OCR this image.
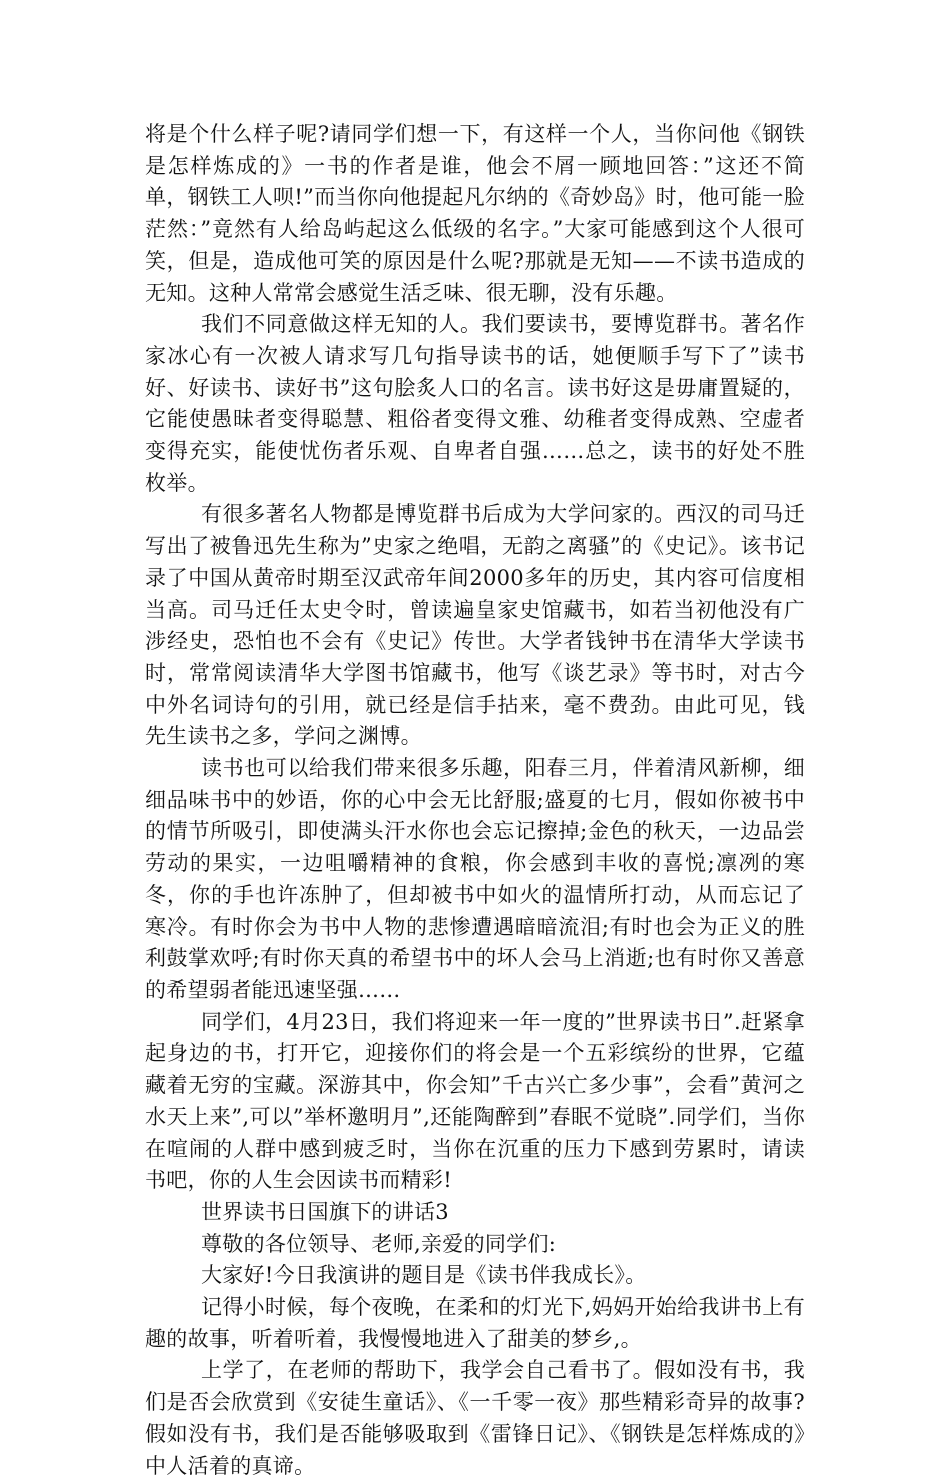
将是个什么样子呢?请同学们想一下，有这样一个人，当你问他《钢铁是怎样炼成的》一书的作者是谁，他会不屑一顾地回答：”这还不简单，钢铁工人呗!”而当你向他提起凡尔纳的《奇妙岛》时，他可能一脸茫然：”竟然有人给岛屿起这么低级的名字。”大家可能感到这个人很可笑，但是，造成他可笑的原因是什么呢?那就是无知——不读书造成的无知。这种人常常会感觉生活乏味、很无聊，没有乐趣。

我们不同意做这样无知的人。我们要读书，要博览群书。著名作家冰心有一次被人请求写几句指导读书的话，她便顺手写下了”读书好、好读书、读好书”这句脍炙人口的名言。读书好这是毋庸置疑的，它能使愚昧者变得聪慧、粗俗者变得文雅、幼稚者变得成熟、空虚者变得充实，能使忧伤者乐观、自卑者自强……总之，读书的好处不胜枚举。

有很多著名人物都是博览群书后成为大学问家的。西汉的司马迁写出了被鲁迅先生称为”史家之绝唱，无韵之离骚”的《史记》。该书记录了中国从黄帝时期至汉武帝年间2000多年的历史，其内容可信度相当高。司马迁任太史令时，曾读遍皇家史馆藏书，如若当初他没有广涉经史，恐怕也不会有《史记》传世。大学者钱钟书在清华大学读书时，常常阅读清华大学图书馆藏书，他写《谈艺录》等书时，对古今中外名词诗句的引用，就已经是信手拈来，毫不费劲。由此可见，钱先生读书之多，学问之渊博。

读书也可以给我们带来很多乐趣，阳春三月，伴着清风新柳，细细品味书中的妙语，你的心中会无比舒服;盛夏的七月，假如你被书中的情节所吸引，即使满头汗水你也会忘记擦掉;金色的秋天，一边品尝劳动的果实，一边咀嚼精神的食粮，你会感到丰收的喜悦;凛冽的寒冬，你的手也许冻肿了，但却被书中如火的温情所打动，从而忘记了寒冷。有时你会为书中人物的悲惨遭遇暗暗流泪;有时也会为正义的胜利鼓掌欢呼;有时你天真的希望书中的坏人会马上消逝;也有时你又善意的希望弱者能迅速坚强……

同学们，4月23日，我们将迎来一年一度的”世界读书日”.赶紧拿起身边的书，打开它，迎接你们的将会是一个五彩缤纷的世界，它蕴藏着无穷的宝藏。深游其中，你会知”千古兴亡多少事”，会看”黄河之水天上来”,可以”举杯邀明月”,还能陶醉到”春眠不觉晓”.同学们，当你在喧闹的人群中感到疲乏时，当你在沉重的压力下感到劳累时，请读书吧，你的人生会因读书而精彩!

世界读书日国旗下的讲话3

尊敬的各位领导、老师,亲爱的同学们:

大家好!今日我演讲的题目是《读书伴我成长》。

记得小时候，每个夜晚，在柔和的灯光下,妈妈开始给我讲书上有趣的故事，听着听着，我慢慢地进入了甜美的梦乡,。

上学了，在老师的帮助下，我学会自己看书了。假如没有书，我们是否会欣赏到《安徒生童话》、《一千零一夜》那些精彩奇异的故事?假如没有书，我们是否能够吸取到《雷锋日记》、《钢铁是怎样炼成的》中人活着的真谛。
